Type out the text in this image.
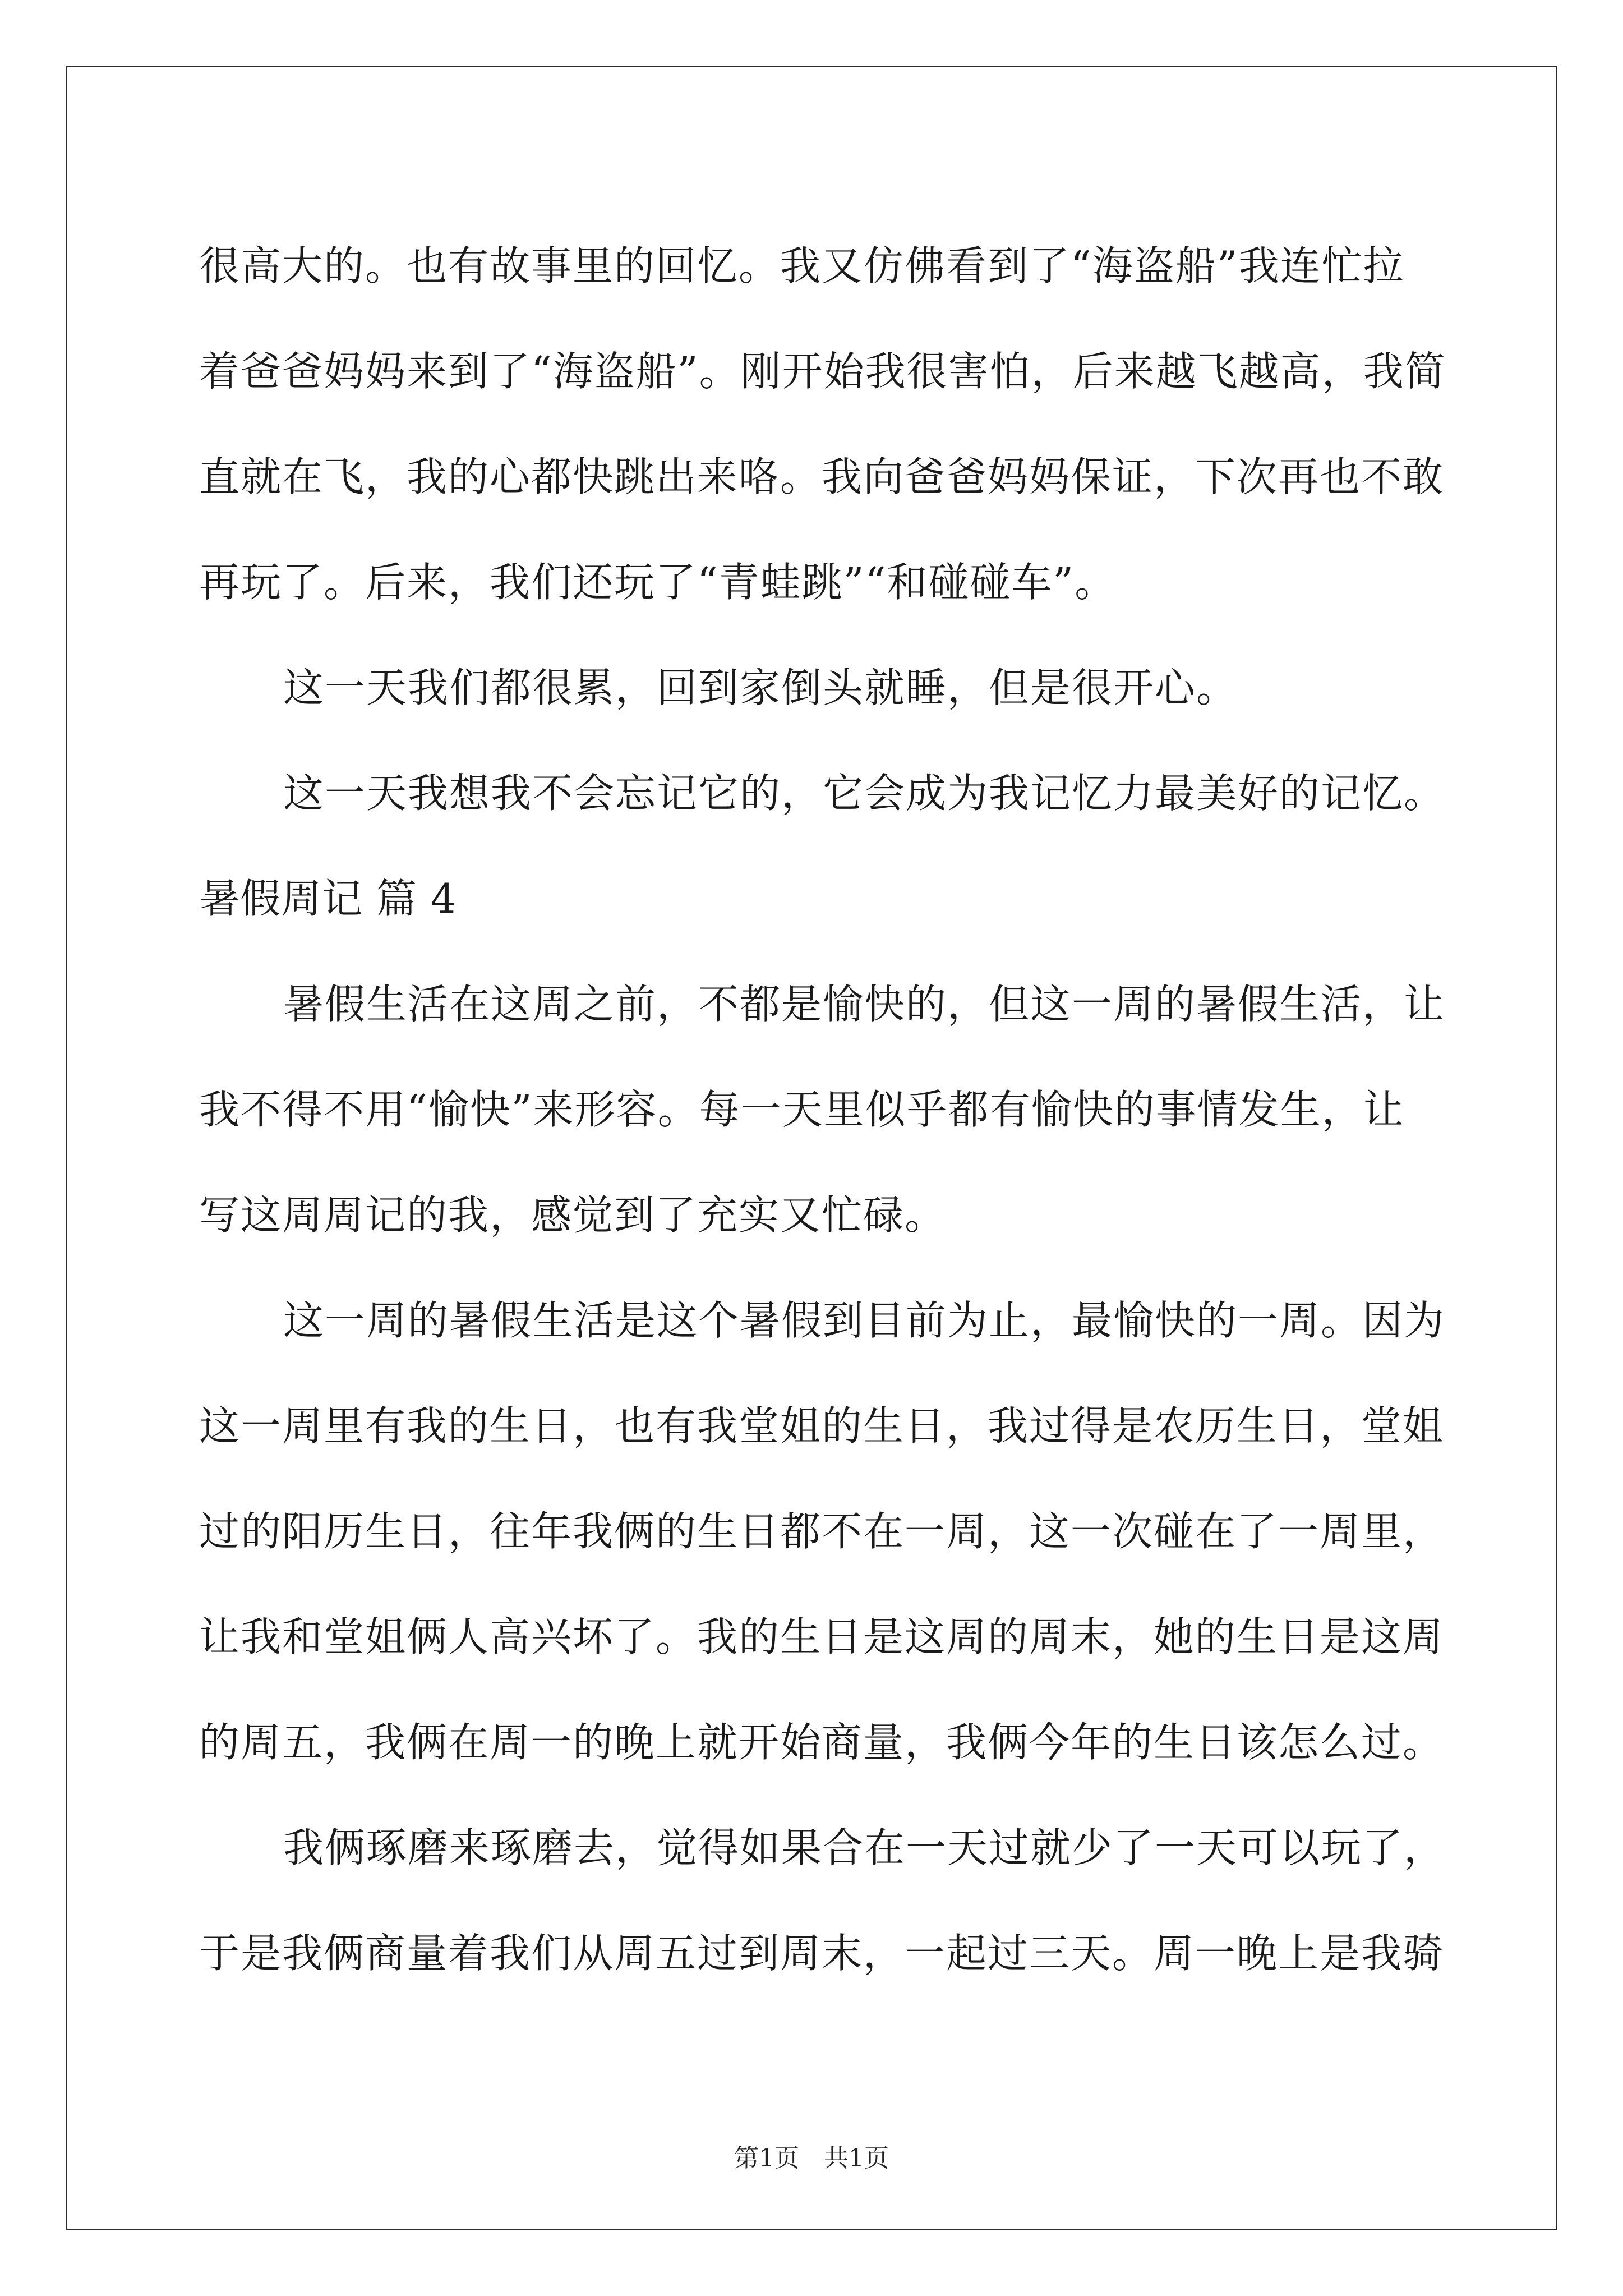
很高大的。也有故事里的回忆。我又仿佛看到了“海盗船”我连忙拉

着爸爸妈妈来到了“海盗船”。刚开始我很害怕，后来越飞越高，我简

直就在飞，我的心都快跳出来咯。我向爸爸妈妈保证，下次再也不敢

再玩了。后来，我们还玩了“青蛙跳”“和碰碰车”。

这一天我们都很累，回到家倒头就睡，但是很开心。

这一天我想我不会忘记它的，它会成为我记忆力最美好的记忆。

暑假周记 篇 4

暑假生活在这周之前，不都是愉快的，但这一周的暑假生活，让

我不得不用“愉快”来形容。每一天里似乎都有愉快的事情发生，让

写这周周记的我，感觉到了充实又忙碌。

这一周的暑假生活是这个暑假到目前为止，最愉快的一周。因为

这一周里有我的生日，也有我堂姐的生日，我过得是农历生日，堂姐

过的阳历生日，往年我俩的生日都不在一周，这一次碰在了一周里，

让我和堂姐俩人高兴坏了。我的生日是这周的周末，她的生日是这周

的周五，我俩在周一的晚上就开始商量，我俩今年的生日该怎么过。

我俩琢磨来琢磨去，觉得如果合在一天过就少了一天可以玩了，

于是我俩商量着我们从周五过到周末，一起过三天。周一晚上是我骑

第1页　共1页
